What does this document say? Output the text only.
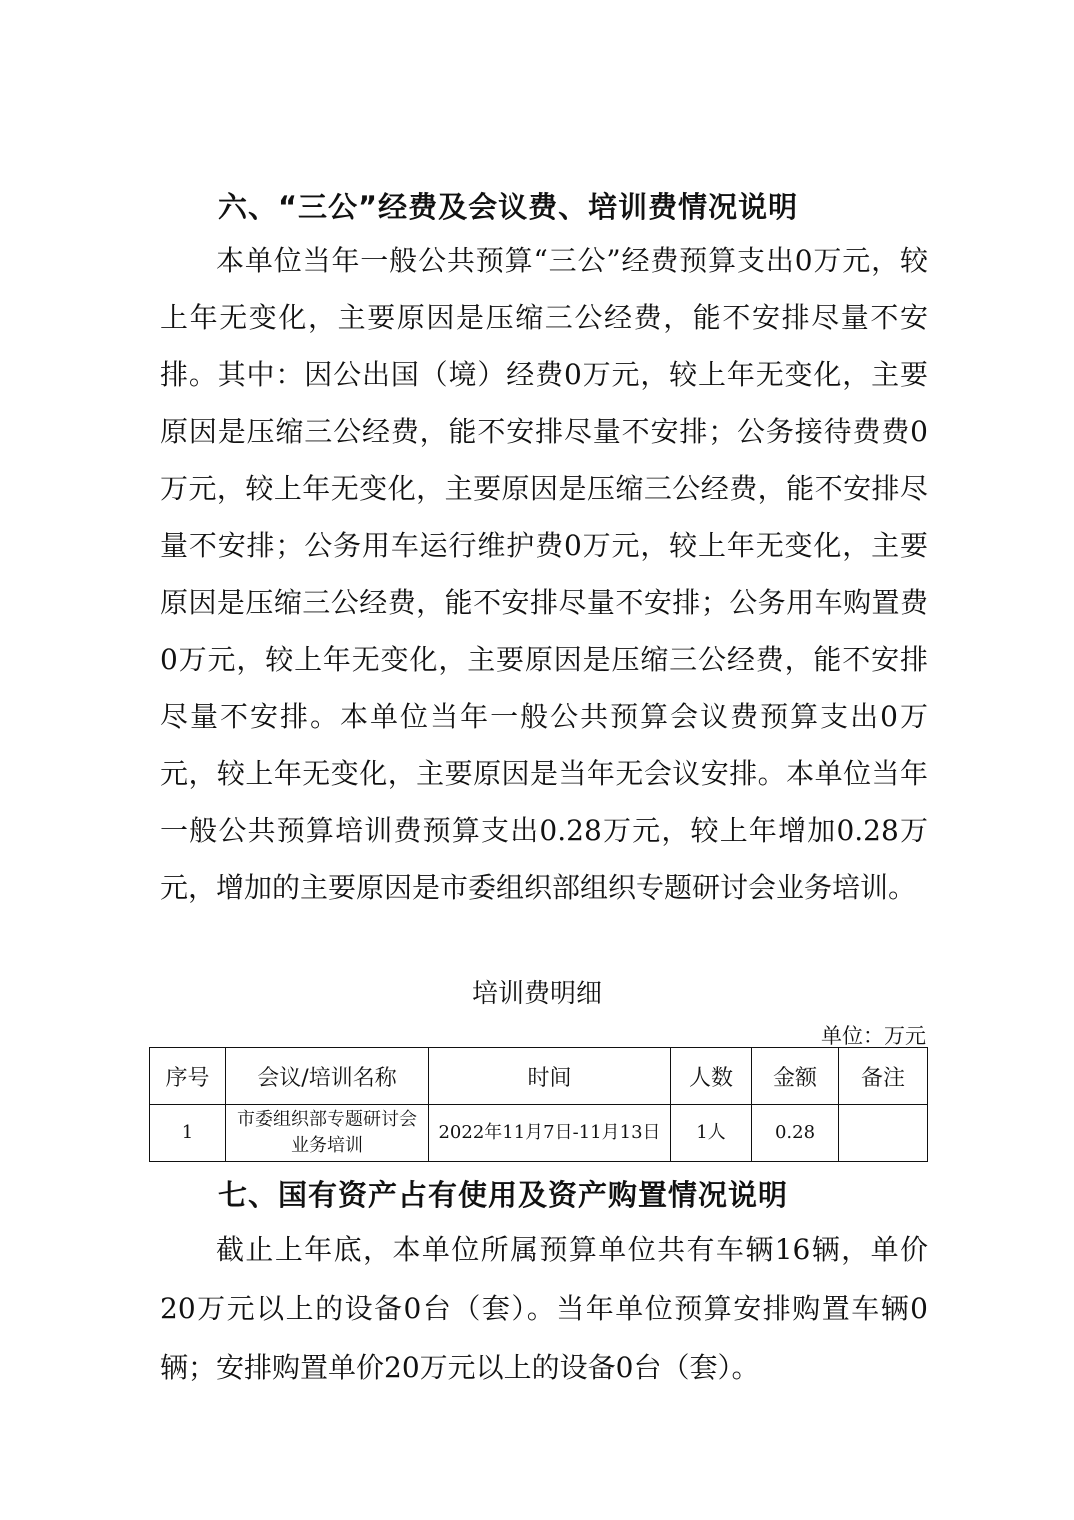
六、“三公”经费及会议费、培训费情况说明

本单位当年一般公共预算“三公”经费预算支出0万元，较上年无变化，主要原因是压缩三公经费，能不安排尽量不安排。其中：因公出国（境）经费0万元，较上年无变化，主要原因是压缩三公经费，能不安排尽量不安排；公务接待费费0万元，较上年无变化，主要原因是压缩三公经费，能不安排尽量不安排；公务用车运行维护费0万元，较上年无变化，主要原因是压缩三公经费，能不安排尽量不安排；公务用车购置费0万元，较上年无变化，主要原因是压缩三公经费，能不安排尽量不安排。本单位当年一般公共预算会议费预算支出0万元，较上年无变化，主要原因是当年无会议安排。本单位当年一般公共预算培训费预算支出0.28万元，较上年增加0.28万元，增加的主要原因是市委组织部组织专题研讨会业务培训。

培训费明细
单位：万元
序号	会议/培训名称	时间	人数	金额	备注
1	市委组织部专题研讨会业务培训	2022年11月7日-11月13日	1人	0.28	
七、国有资产占有使用及资产购置情况说明

截止上年底，本单位所属预算单位共有车辆16辆，单价20万元以上的设备0台（套）。当年单位预算安排购置车辆0辆；安排购置单价20万元以上的设备0台（套）。
